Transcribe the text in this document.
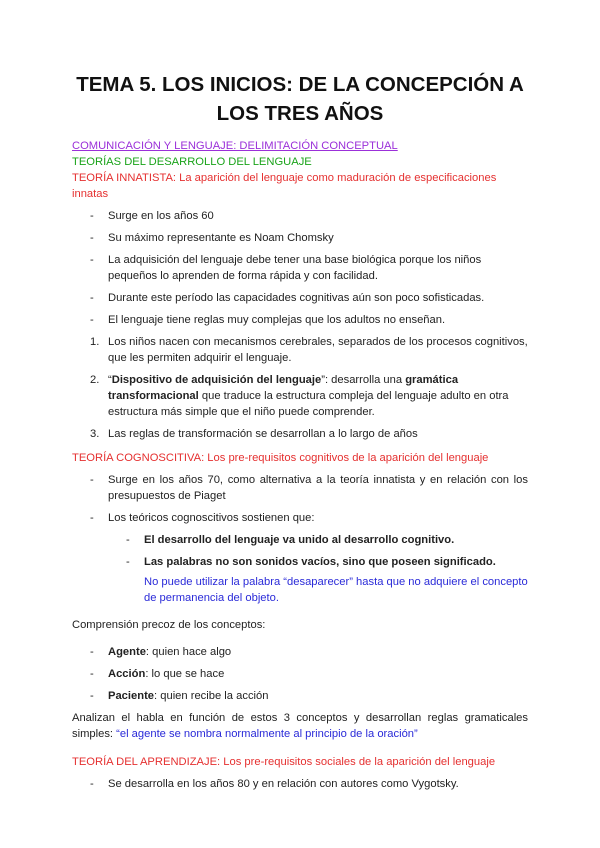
TEMA 5. LOS INICIOS: DE LA CONCEPCIÓN A LOS TRES AÑOS

COMUNICACIÓN Y LENGUAJE: DELIMITACIÓN CONCEPTUAL

TEORÍAS DEL DESARROLLO DEL LENGUAJE

TEORÍA INNATISTA: La aparición del lenguaje como maduración de especificaciones innatas

- Surge en los años 60
- Su máximo representante es Noam Chomsky
- La adquisición del lenguaje debe tener una base biológica porque los niños pequeños lo aprenden de forma rápida y con facilidad.
- Durante este período las capacidades cognitivas aún son poco sofisticadas.
- El lenguaje tiene reglas muy complejas que los adultos no enseñan.
1. Los niños nacen con mecanismos cerebrales, separados de los procesos cognitivos, que les permiten adquirir el lenguaje.
2. “Dispositivo de adquisición del lenguaje”: desarrolla una gramática transformacional que traduce la estructura compleja del lenguaje adulto en otra estructura más simple que el niño puede comprender.
3. Las reglas de transformación se desarrollan a lo largo de años

TEORÍA COGNOSCITIVA: Los pre-requisitos cognitivos de la aparición del lenguaje

- Surge en los años 70, como alternativa a la teoría innatista y en relación con los presupuestos de Piaget
- Los teóricos cognoscitivos sostienen que:
- El desarrollo del lenguaje va unido al desarrollo cognitivo.
- Las palabras no son sonidos vacíos, sino que poseen significado.

No puede utilizar la palabra “desaparecer” hasta que no adquiere el concepto de permanencia del objeto.

Comprensión precoz de los conceptos:

- Agente: quien hace algo
- Acción: lo que se hace
- Paciente: quien recibe la acción

Analizan el habla en función de estos 3 conceptos y desarrollan reglas gramaticales simples: “el agente se nombra normalmente al principio de la oración”

TEORÍA DEL APRENDIZAJE: Los pre-requisitos sociales de la aparición del lenguaje

- Se desarrolla en los años 80 y en relación con autores como Vygotsky.
